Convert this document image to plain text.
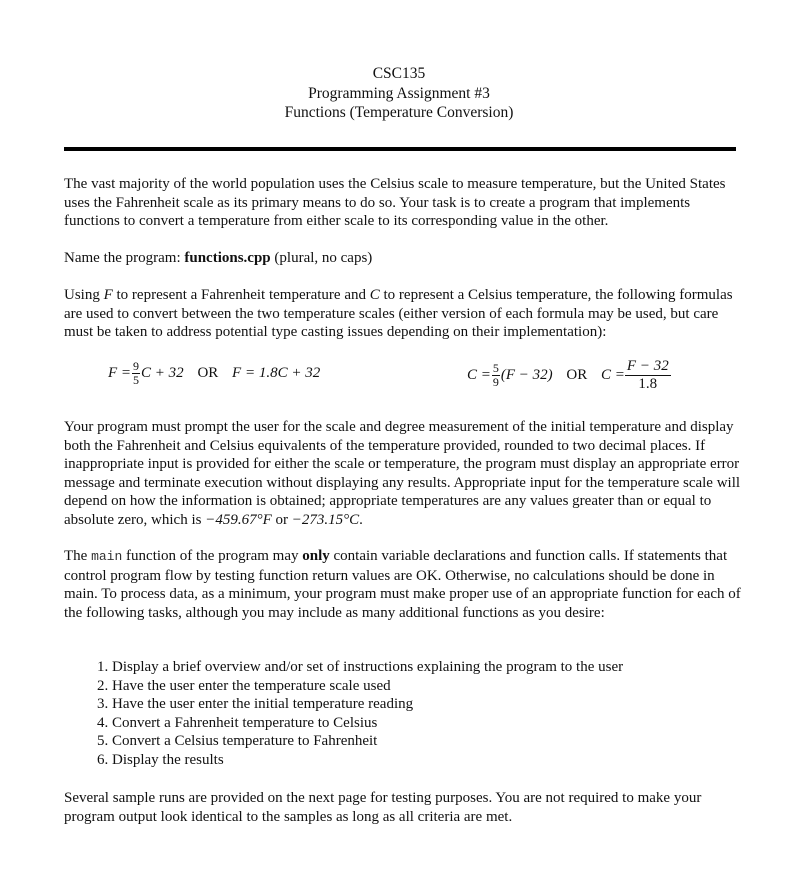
CSC135
Programming Assignment #3
Functions (Temperature Conversion)
The vast majority of the world population uses the Celsius scale to measure temperature, but the United States uses the Fahrenheit scale as its primary means to do so. Your task is to create a program that implements functions to convert a temperature from either scale to its corresponding value in the other.
Name the program: functions.cpp (plural, no caps)
Using F to represent a Fahrenheit temperature and C to represent a Celsius temperature, the following formulas are used to convert between the two temperature scales (either version of each formula may be used, but care must be taken to address potential type casting issues depending on their implementation):
$F = \frac{9}{5}$ C + 32 OR F = 1.8C + 32	$C = \frac{5}{9} (F - 32)$ OR $C = \frac{F - 32}{1.8}$
Your program must prompt the user for the scale and degree measurement of the initial temperature and display both the Fahrenheit and Celsius equivalents of the temperature provided, rounded to two decimal places. If inappropriate input is provided for either the scale or temperature, the program must display an appropriate error message and terminate execution without displaying any results. Appropriate input for the temperature scale will depend on how the information is obtained; appropriate temperatures are any values greater than or equal to absolute zero, which is −459.67°F or −273.15°C.
The main function of the program may only contain variable declarations and function calls. If statements that control program flow by testing function return values are OK. Otherwise, no calculations should be done in main. To process data, as a minimum, your program must make proper use of an appropriate function for each of the following tasks, although you may include as many additional functions as you desire:
1. Display a brief overview and/or set of instructions explaining the program to the user
2. Have the user enter the temperature scale used
3. Have the user enter the initial temperature reading
4. Convert a Fahrenheit temperature to Celsius
5. Convert a Celsius temperature to Fahrenheit
6. Display the results
Several sample runs are provided on the next page for testing purposes. You are not required to make your program output look identical to the samples as long as all criteria are met.
